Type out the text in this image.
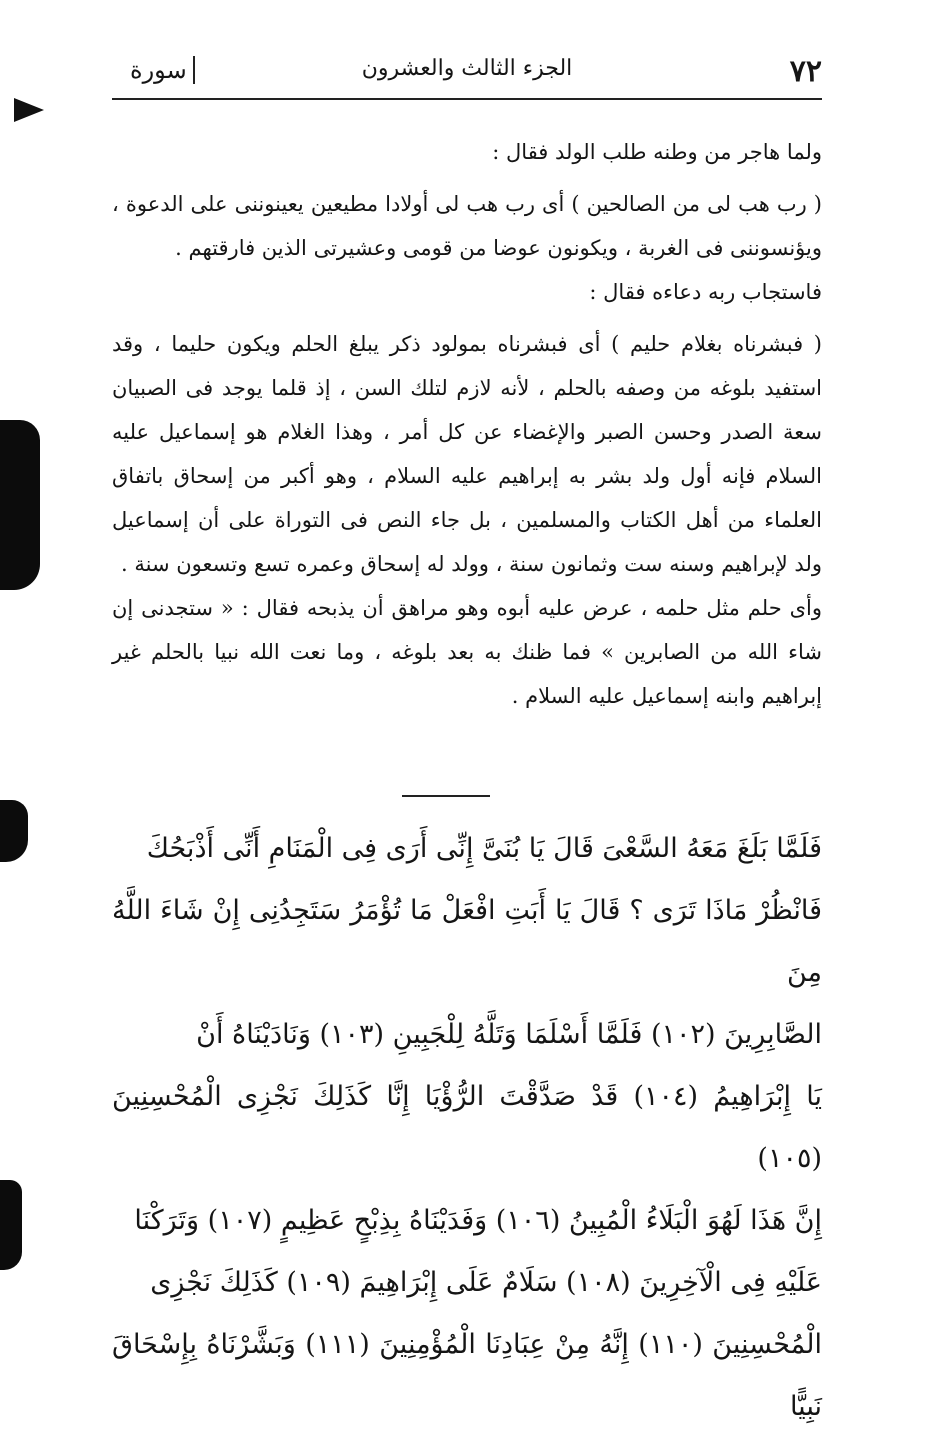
٧٢
الجزء الثالث والعشرون
سورة

ولما هاجر من وطنه طلب الولد فقال :

( رب هب لى من الصالحين ) أى رب هب لى أولادا مطيعين يعينوننى على الدعوة ، ويؤنسوننى فى الغربة ، ويكونون عوضا من قومى وعشيرتى الذين فارقتهم .

فاستجاب ربه دعاءه فقال :

( فبشرناه بغلام حليم ) أى فبشرناه بمولود ذكر يبلغ الحلم ويكون حليما ، وقد استفيد بلوغه من وصفه بالحلم ، لأنه لازم لتلك السن ، إذ قلما يوجد فى الصبيان سعة الصدر وحسن الصبر والإغضاء عن كل أمر ، وهذا الغلام هو إسماعيل عليه السلام فإنه أول ولد بشر به إبراهيم عليه السلام ، وهو أكبر من إسحاق باتفاق العلماء من أهل الكتاب والمسلمين ، بل جاء النص فى التوراة على أن إسماعيل ولد لإبراهيم وسنه ست وثمانون سنة ، وولد له إسحاق وعمره تسع وتسعون سنة .

وأى حلم مثل حلمه ، عرض عليه أبوه وهو مراهق أن يذبحه فقال : « ستجدنى إن شاء الله من الصابرين » فما ظنك به بعد بلوغه ، وما نعت الله نبيا بالحلم غير إبراهيم وابنه إسماعيل عليه السلام .

فَلَمَّا بَلَغَ مَعَهُ السَّعْىَ قَالَ يَا بُنَىَّ إِنِّى أَرَى فِى الْمَنَامِ أَنِّى أَذْبَحُكَ

فَانْظُرْ مَاذَا تَرَى ؟ قَالَ يَا أَبَتِ افْعَلْ مَا تُؤْمَرُ سَتَجِدُنِى إِنْ شَاءَ اللَّهُ مِنَ

الصَّابِرِينَ (١٠٢) فَلَمَّا أَسْلَمَا وَتَلَّهُ لِلْجَبِينِ (١٠٣) وَنَادَيْنَاهُ أَنْ

يَا إِبْرَاهِيمُ (١٠٤) قَدْ صَدَّقْتَ الرُّؤْيَا إِنَّا كَذَلِكَ نَجْزِى الْمُحْسِنِينَ (١٠٥)

إِنَّ هَذَا لَهُوَ الْبَلَاءُ الْمُبِينُ (١٠٦) وَفَدَيْنَاهُ بِذِبْحٍ عَظِيمٍ (١٠٧) وَتَرَكْنَا

عَلَيْهِ فِى الْآخِرِينَ (١٠٨) سَلَامٌ عَلَى إِبْرَاهِيمَ (١٠٩) كَذَلِكَ نَجْزِى

الْمُحْسِنِينَ (١١٠) إِنَّهُ مِنْ عِبَادِنَا الْمُؤْمِنِينَ (١١١) وَبَشَّرْنَاهُ بِإِسْحَاقَ نَبِيًّا
